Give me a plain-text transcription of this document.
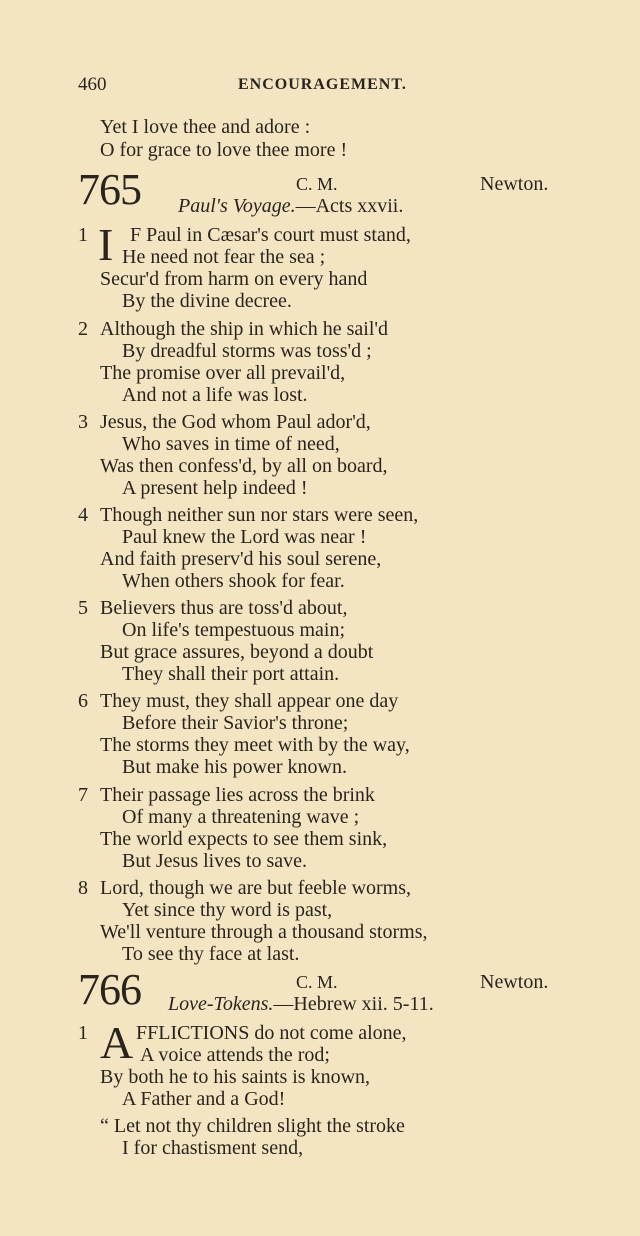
460	ENCOURAGEMENT.
Yet I love thee and adore :
O for grace to love thee more !
765	C. M.	Newton.
Paul's Voyage.—Acts xxvii.
1 I F Paul in Cæsar's court must stand,
He need not fear the sea ;
Secur'd from harm on every hand
By the divine decree.
2 Although the ship in which he sail'd
By dreadful storms was toss'd ;
The promise over all prevail'd,
And not a life was lost.
3 Jesus, the God whom Paul ador'd,
Who saves in time of need,
Was then confess'd, by all on board,
A present help indeed !
4 Though neither sun nor stars were seen,
Paul knew the Lord was near !
And faith preserv'd his soul serene,
When others shook for fear.
5 Believers thus are toss'd about,
On life's tempestuous main;
But grace assures, beyond a doubt
They shall their port attain.
6 They must, they shall appear one day
Before their Savior's throne;
The storms they meet with by the way,
But make his power known.
7 Their passage lies across the brink
Of many a threatening wave ;
The world expects to see them sink,
But Jesus lives to save.
8 Lord, though we are but feeble worms,
Yet since thy word is past,
We'll venture through a thousand storms,
To see thy face at last.
766	C. M.	Newton.
Love-Tokens.—Hebrew xii. 5-11.
1 A FFLICTIONS do not come alone,
A voice attends the rod;
By both he to his saints is known,
A Father and a God!
“ Let not thy children slight the stroke
I for chastisment send,
